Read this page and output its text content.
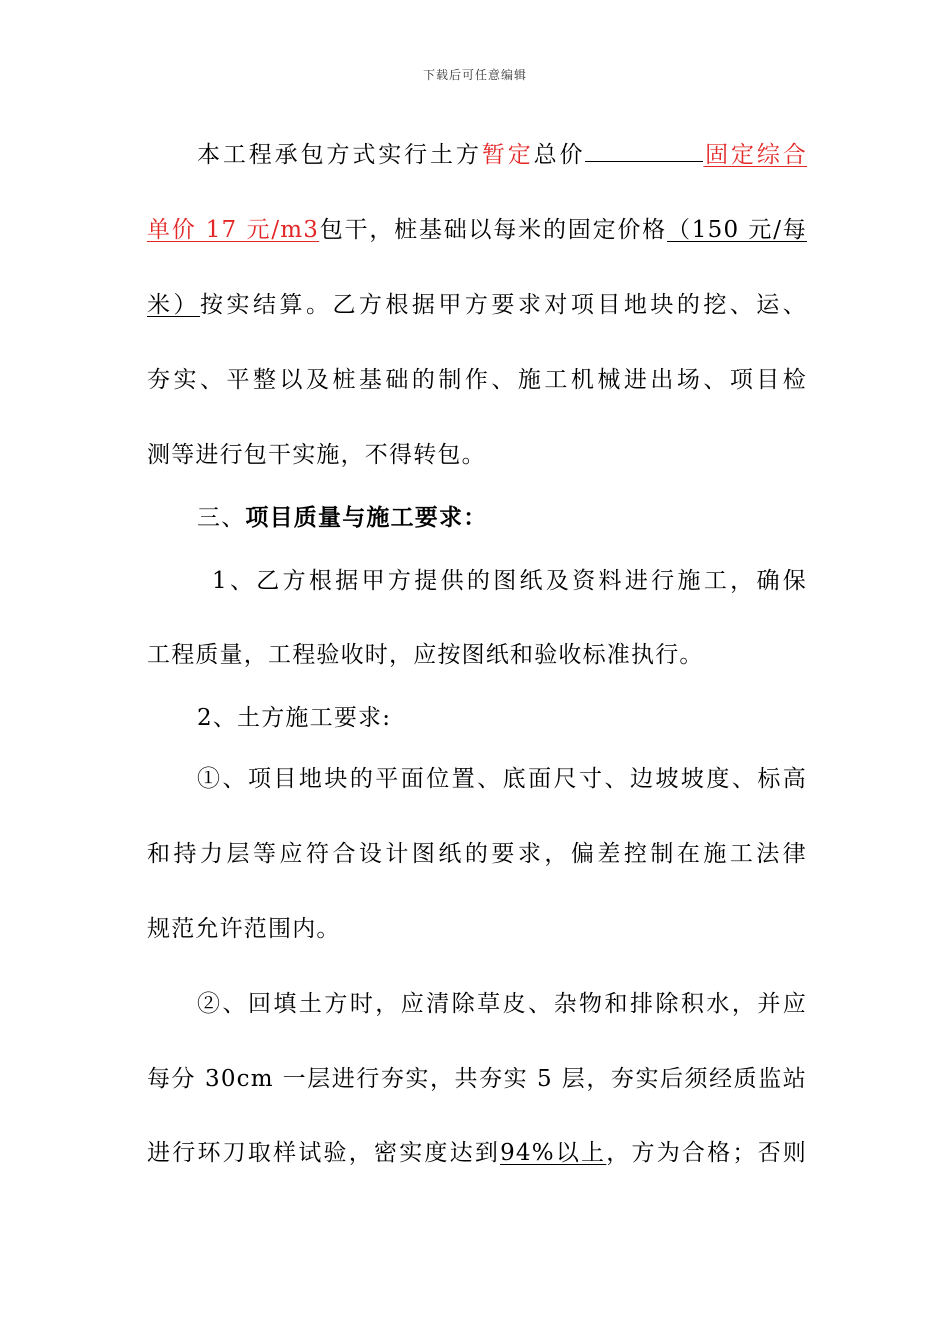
下载后可任意编辑
本工程承包方式实行土方暂定总价	固定综合
单价 17 元/m3包干，桩基础以每米的固定价格（150 元/每
米）按实结算。乙方根据甲方要求对项目地块的挖、运、
夯实、平整以及桩基础的制作、施工机械进出场、项目检
测等进行包干实施，不得转包。
三、项目质量与施工要求：
1、乙方根据甲方提供的图纸及资料进行施工，确保
工程质量，工程验收时，应按图纸和验收标准执行。
2、土方施工要求:
①、项目地块的平面位置、底面尺寸、边坡坡度、标高
和持力层等应符合设计图纸的要求，偏差控制在施工法律
规范允许范围内。
②、回填土方时，应清除草皮、杂物和排除积水，并应
每分 30cm 一层进行夯实，共夯实 5 层，夯实后须经质监站
进行环刀取样试验，密实度达到94%以上，方为合格；否则
